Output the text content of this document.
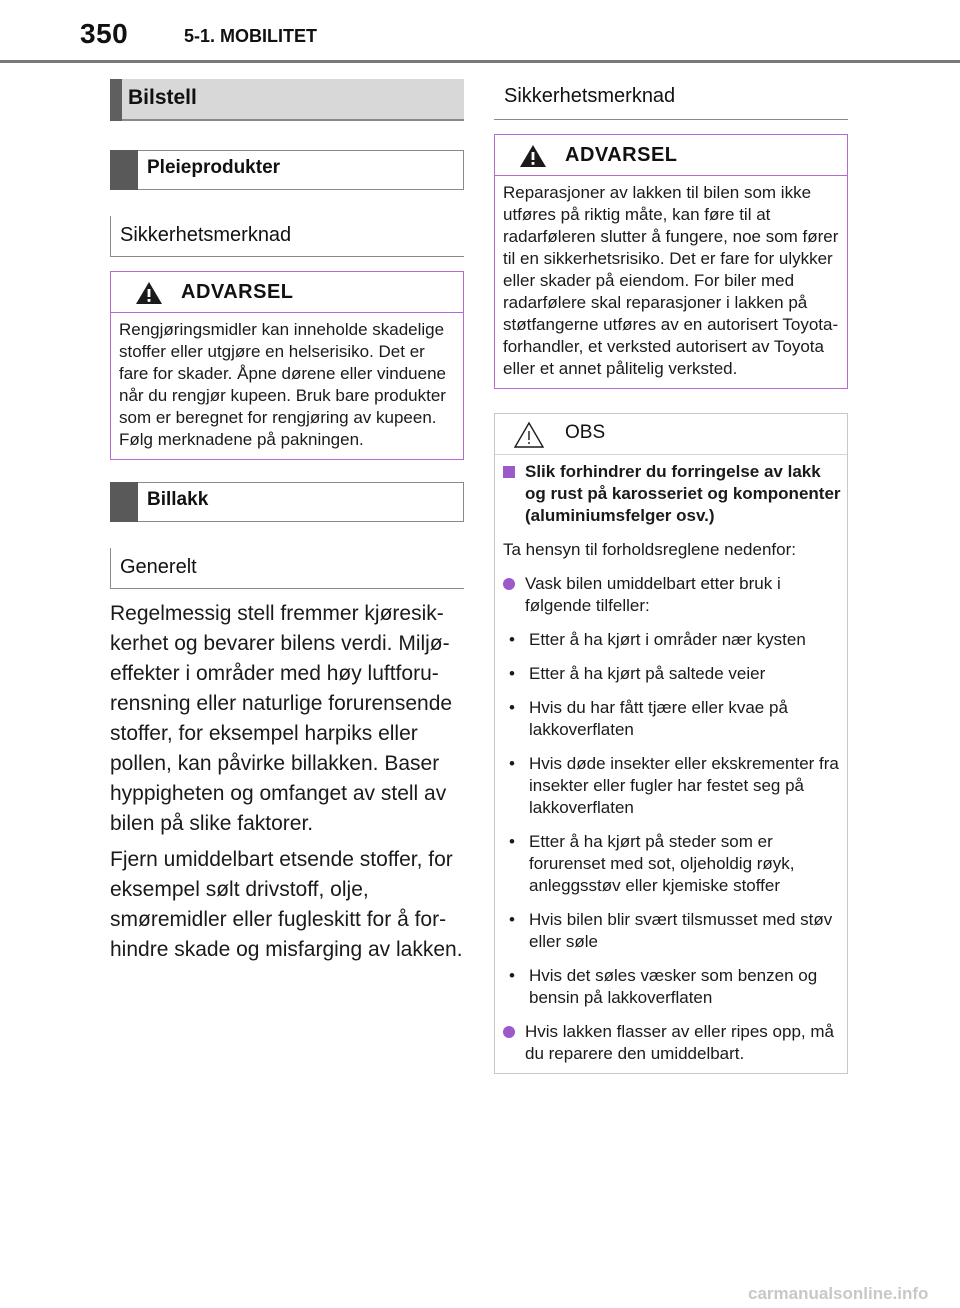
350	5-1. MOBILITET
Bilstell
Pleieprodukter
Sikkerhetsmerknad
ADVARSEL
Rengjøringsmidler kan inneholde skadelige stoffer eller utgjøre en helserisiko. Det er fare for skader. Åpne dørene eller vinduene når du rengjør kupeen. Bruk bare produkter som er beregnet for rengjøring av kupeen. Følg merknadene på pakningen.
Billakk
Generelt

Regelmessig stell fremmer kjøresikkerhet og bevarer bilens verdi. Miljøeffekter i områder med høy luftforurensning eller naturlige forurensende stoffer, for eksempel harpiks eller pollen, kan påvirke billakken. Baser hyppigheten og omfanget av stell av bilen på slike faktorer.

Fjern umiddelbart etsende stoffer, for eksempel sølt drivstoff, olje, smøremidler eller fugleskitt for å forhindre skade og misfarging av lakken.

Sikkerhetsmerknad
ADVARSEL
Reparasjoner av lakken til bilen som ikke utføres på riktig måte, kan føre til at radarføleren slutter å fungere, noe som fører til en sikkerhetsrisiko. Det er fare for ulykker eller skader på eiendom. For biler med radarfølere skal reparasjoner i lakken på støtfangerne utføres av en autorisert Toyota-forhandler, et verksted autorisert av Toyota eller et annet pålitelig verksted.
OBS
Slik forhindrer du forringelse av lakk og rust på karosseriet og komponenter (aluminiumsfelger osv.)

Ta hensyn til forholdsreglene nedenfor:

Vask bilen umiddelbart etter bruk i følgende tilfeller:
• Etter å ha kjørt i områder nær kysten
• Etter å ha kjørt på saltede veier
• Hvis du har fått tjære eller kvae på lakkoverflaten
• Hvis døde insekter eller ekskrementer fra insekter eller fugler har festet seg på lakkoverflaten
• Etter å ha kjørt på steder som er forurenset med sot, oljeholdig røyk, anleggsstøv eller kjemiske stoffer
• Hvis bilen blir svært tilsmusset med støv eller søle
• Hvis det søles væsker som benzen og bensin på lakkoverflaten
Hvis lakken flasser av eller ripes opp, må du reparere den umiddelbart.
carmanualsonline.info
